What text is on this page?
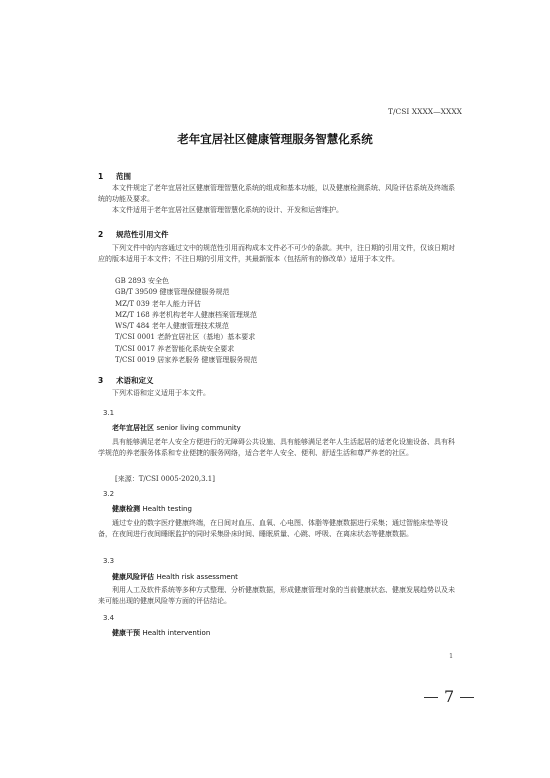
T/CSI XXXX—XXXX
老年宜居社区健康管理服务智慧化系统
1 范围
本文件规定了老年宜居社区健康管理智慧化系统的组成和基本功能，以及健康检测系统、风险评估系统及终端系统的功能及要求。
本文件适用于老年宜居社区健康管理智慧化系统的设计、开发和运营维护。
2 规范性引用文件
下列文件中的内容通过文中的规范性引用而构成本文件必不可少的条款。其中，注日期的引用文件，仅该日期对应的版本适用于本文件；不注日期的引用文件，其最新版本（包括所有的修改单）适用于本文件。
GB 2893 安全色
GB/T 39509 健康管理保健服务规范
MZ/T 039 老年人能力评估
MZ/T 168 养老机构老年人健康档案管理规范
WS/T 484 老年人健康管理技术规范
T/CSI 0001 老龄宜居社区（基地）基本要求
T/CSI 0017 养老智能化系统安全要求
T/CSI 0019 居家养老服务 健康管理服务规范
3 术语和定义
下列术语和定义适用于本文件。
3.1
老年宜居社区 senior living community
具有能够满足老年人安全方便进行的无障碍公共设施、具有能够满足老年人生活起居的适老化设施设备、具有科学规范的养老服务体系和专业便捷的服务网络，适合老年人安全、便利、舒适生活和尊严养老的社区。
[来源：T/CSI 0005-2020,3.1]
3.2
健康检测 Health testing
通过专业的数字医疗健康终端，在日间对血压、血氧、心电图、体脂等健康数据进行采集；通过智能床垫等设备，在夜间进行夜间睡眠监护的同时采集卧床时间、睡眠质量、心跳、呼吸、在离床状态等健康数据。
3.3
健康风险评估 Health risk assessment
利用人工及软件系统等多种方式整理、分析健康数据，形成健康管理对象的当前健康状态、健康发展趋势以及未来可能出现的健康风险等方面的评估结论。
3.4
健康干预 Health intervention
1
7
